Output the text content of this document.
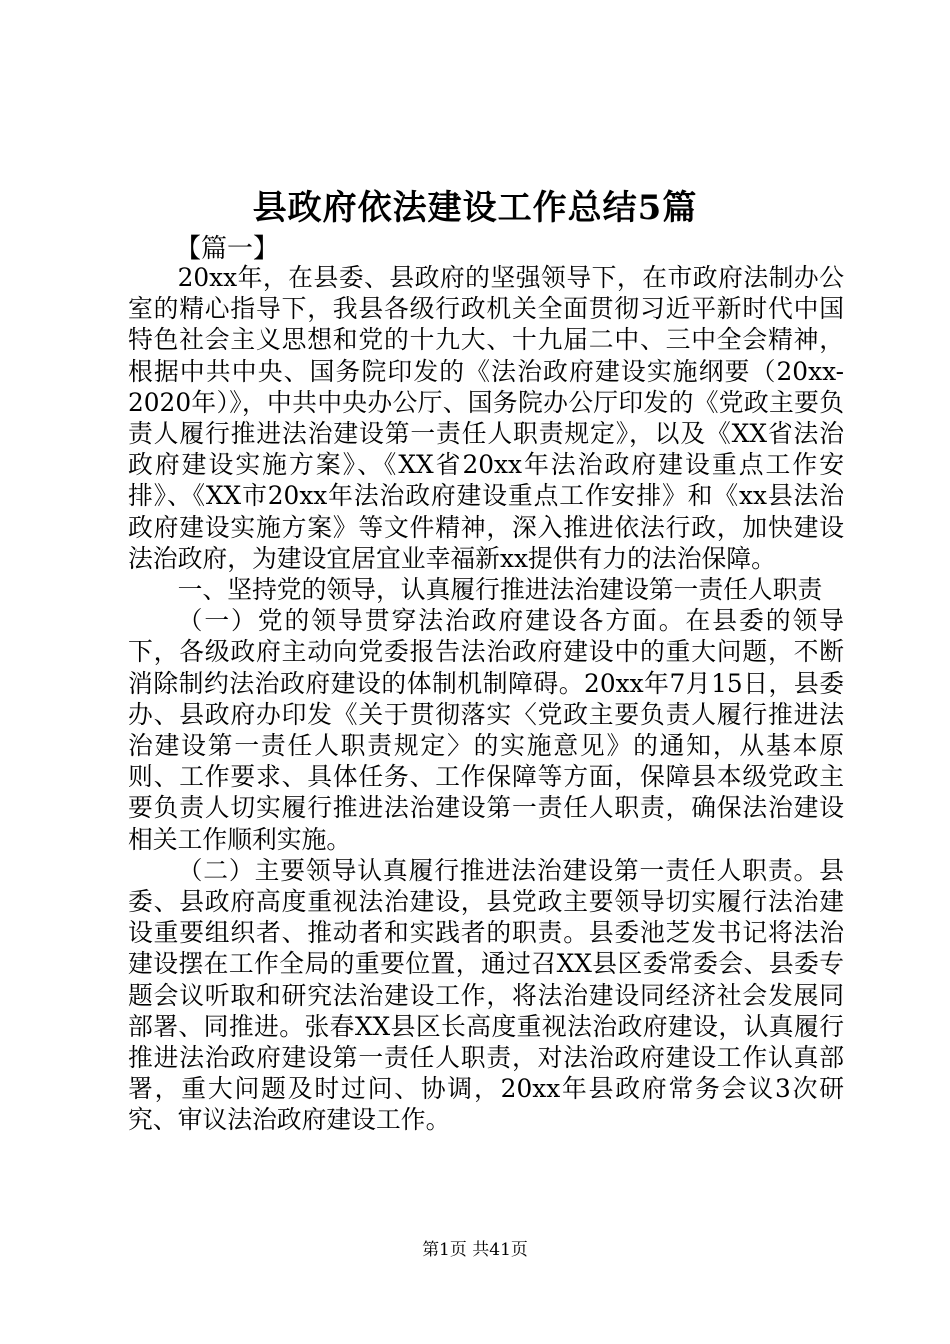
县政府依法建设工作总结5篇
【篇一】

20xx年，在县委、县政府的坚强领导下，在市政府法制办公室的精心指导下，我县各级行政机关全面贯彻习近平新时代中国特色社会主义思想和党的十九大、十九届二中、三中全会精神，根据中共中央、国务院印发的《法治政府建设实施纲要（20xx-2020年）》，中共中央办公厅、国务院办公厅印发的《党政主要负责人履行推进法治建设第一责任人职责规定》，以及《XX省法治政府建设实施方案》、《XX省20xx年法治政府建设重点工作安排》、《XX市20xx年法治政府建设重点工作安排》和《xx县法治政府建设实施方案》等文件精神，深入推进依法行政，加快建设法治政府，为建设宜居宜业幸福新xx提供有力的法治保障。

一、坚持党的领导，认真履行推进法治建设第一责任人职责

（一）党的领导贯穿法治政府建设各方面。在县委的领导下，各级政府主动向党委报告法治政府建设中的重大问题，不断消除制约法治政府建设的体制机制障碍。20xx年7月15日，县委办、县政府办印发《关于贯彻落实〈党政主要负责人履行推进法治建设第一责任人职责规定〉的实施意见》的通知，从基本原则、工作要求、具体任务、工作保障等方面，保障县本级党政主要负责人切实履行推进法治建设第一责任人职责，确保法治建设相关工作顺利实施。

（二）主要领导认真履行推进法治建设第一责任人职责。县委、县政府高度重视法治建设，县党政主要领导切实履行法治建设重要组织者、推动者和实践者的职责。县委池芝发书记将法治建设摆在工作全局的重要位置，通过召XX县区委常委会、县委专题会议听取和研究法治建设工作，将法治建设同经济社会发展同部署、同推进。张春XX县区长高度重视法治政府建设，认真履行推进法治政府建设第一责任人职责，对法治政府建设工作认真部署，重大问题及时过问、协调，20xx年县政府常务会议3次研究、审议法治政府建设工作。

第1页 共41页
